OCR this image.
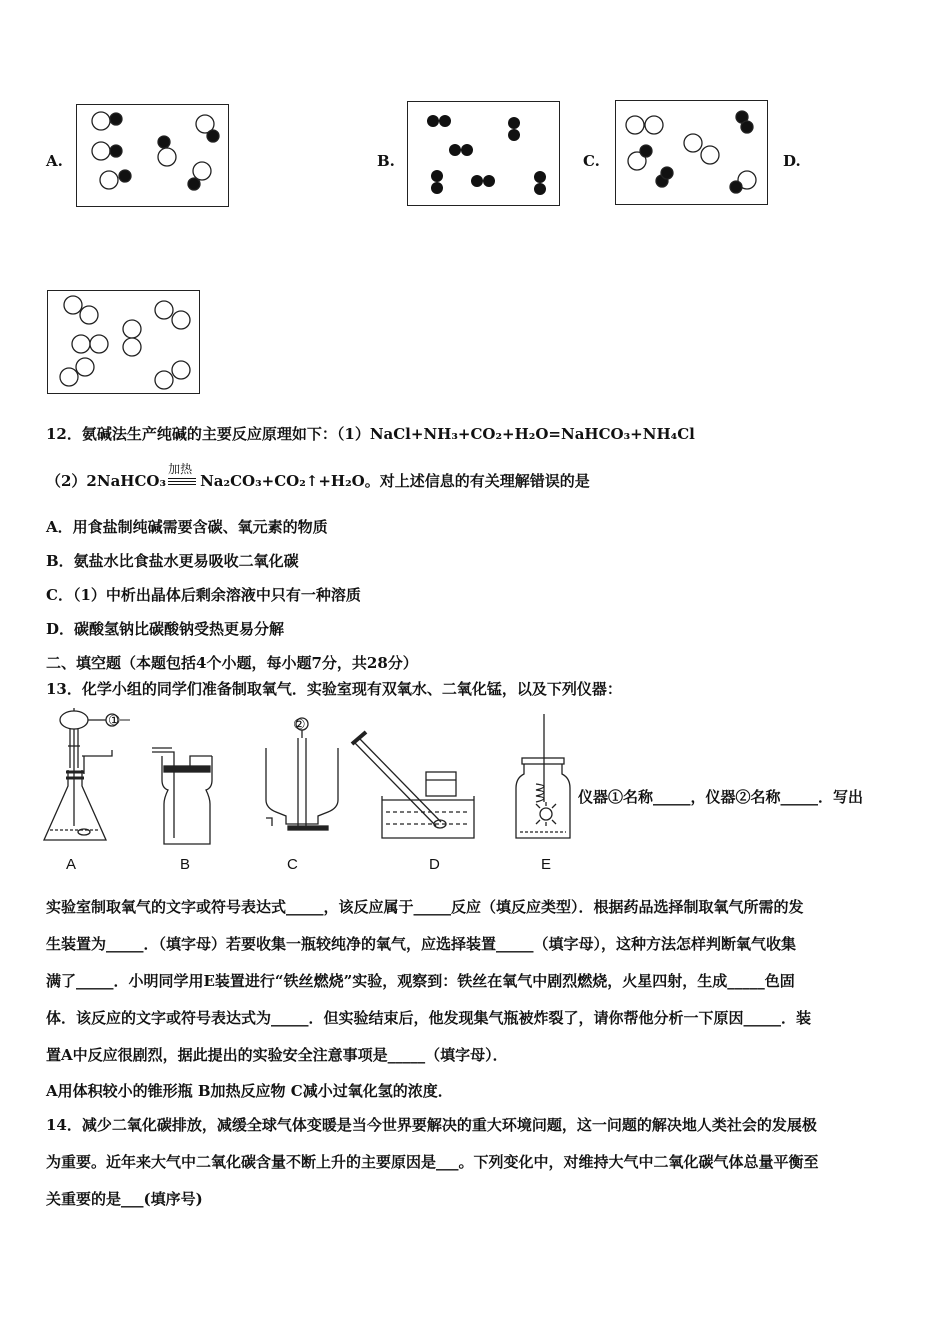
A.	B.	C.	D.
12．氨碱法生产纯碱的主要反应原理如下：（1）NaCl+NH₃+CO₂+H₂O=NaHCO₃+NH₄Cl
（2）2NaHCO₃
加热
Na₂CO₃+CO₂↑+H₂O。对上述信息的有关理解错误的是
A．用食盐制纯碱需要含碳、氧元素的物质
B．氨盐水比食盐水更易吸收二氧化碳
C．（1）中析出晶体后剩余溶液中只有一种溶质
D．碳酸氢钠比碳酸钠受热更易分解
二、填空题（本题包括4个小题，每小题7分，共28分）
13．化学小组的同学们准备制取氧气．实验室现有双氧水、二氧化锰，以及下列仪器：
①	②
A	B	C	D	E
仪器①名称_____，仪器②名称_____．写出
实验室制取氧气的文字或符号表达式_____，该反应属于_____反应（填反应类型）．根据药品选择制取氧气所需的发
生装置为_____．（填字母）若要收集一瓶较纯净的氧气，应选择装置_____（填字母），这种方法怎样判断氧气收集
满了_____．小明同学用E装置进行“铁丝燃烧”实验，观察到：铁丝在氧气中剧烈燃烧，火星四射，生成_____色固
体．该反应的文字或符号表达式为_____．但实验结束后，他发现集气瓶被炸裂了，请你帮他分析一下原因_____．装
置A中反应很剧烈，据此提出的实验安全注意事项是_____（填字母）．
A用体积较小的锥形瓶 B加热反应物 C减小过氧化氢的浓度．
14．减少二氧化碳排放，减缓全球气体变暖是当今世界要解决的重大环境问题，这一问题的解决地人类社会的发展极
为重要。近年来大气中二氧化碳含量不断上升的主要原因是___。下列变化中，对维持大气中二氧化碳气体总量平衡至
关重要的是___(填序号)
